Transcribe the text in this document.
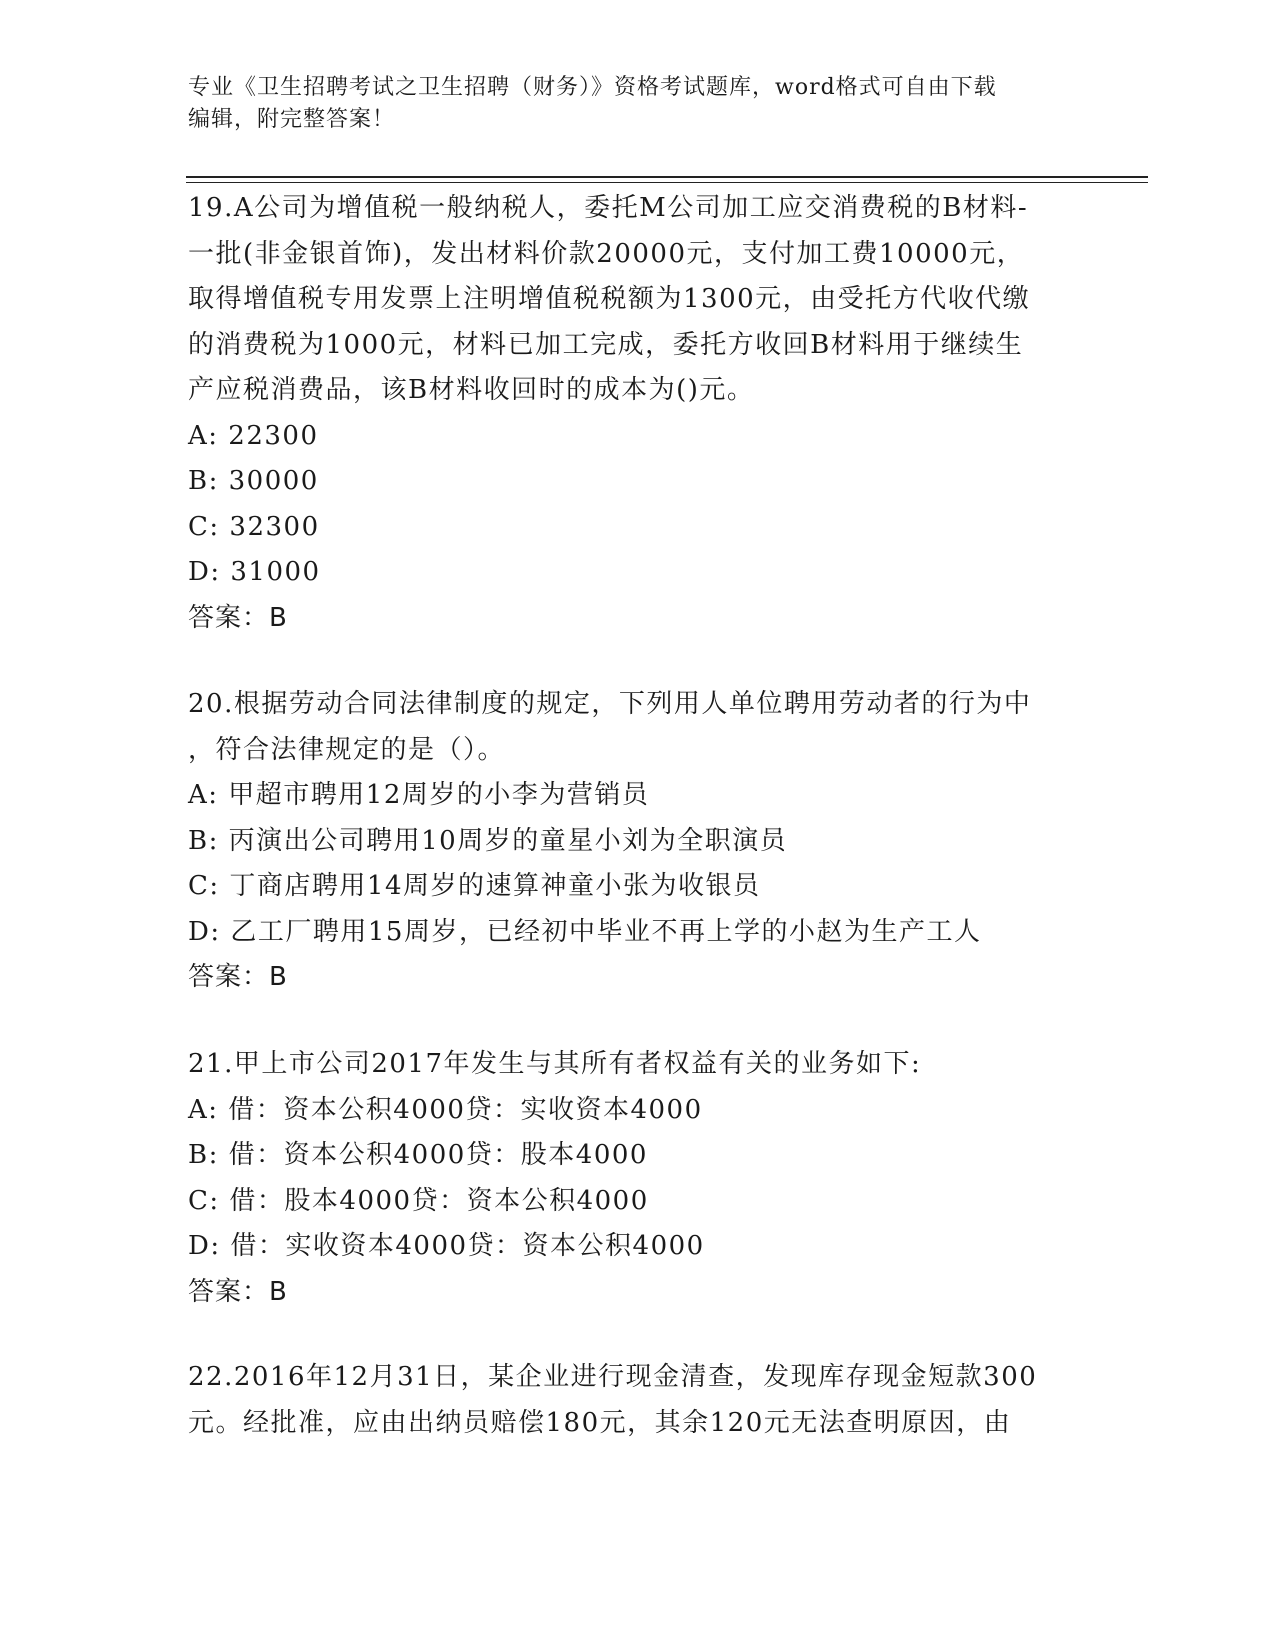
专业《卫生招聘考试之卫生招聘（财务）》资格考试题库，word格式可自由下载
编辑，附完整答案！
19.A公司为增值税一般纳税人，委托M公司加工应交消费税的B材料-
一批(非金银首饰)，发出材料价款20000元，支付加工费10000元，
取得增值税专用发票上注明增值税税额为1300元，由受托方代收代缴
的消费税为1000元，材料已加工完成，委托方收回B材料用于继续生
产应税消费品，该B材料收回时的成本为()元。
A: 22300
B: 30000
C: 32300
D: 31000
答案：B
20.根据劳动合同法律制度的规定，下列用人单位聘用劳动者的行为中
，符合法律规定的是（）。
A: 甲超市聘用12周岁的小李为营销员
B: 丙演出公司聘用10周岁的童星小刘为全职演员
C: 丁商店聘用14周岁的速算神童小张为收银员
D: 乙工厂聘用15周岁，已经初中毕业不再上学的小赵为生产工人
答案：B
21.甲上市公司2017年发生与其所有者权益有关的业务如下:
A: 借：资本公积4000贷：实收资本4000
B: 借：资本公积4000贷：股本4000
C: 借：股本4000贷：资本公积4000
D: 借：实收资本4000贷：资本公积4000
答案：B
22.2016年12月31日，某企业进行现金清查，发现库存现金短款300
元。经批准，应由出纳员赔偿180元，其余120元无法查明原因，由
